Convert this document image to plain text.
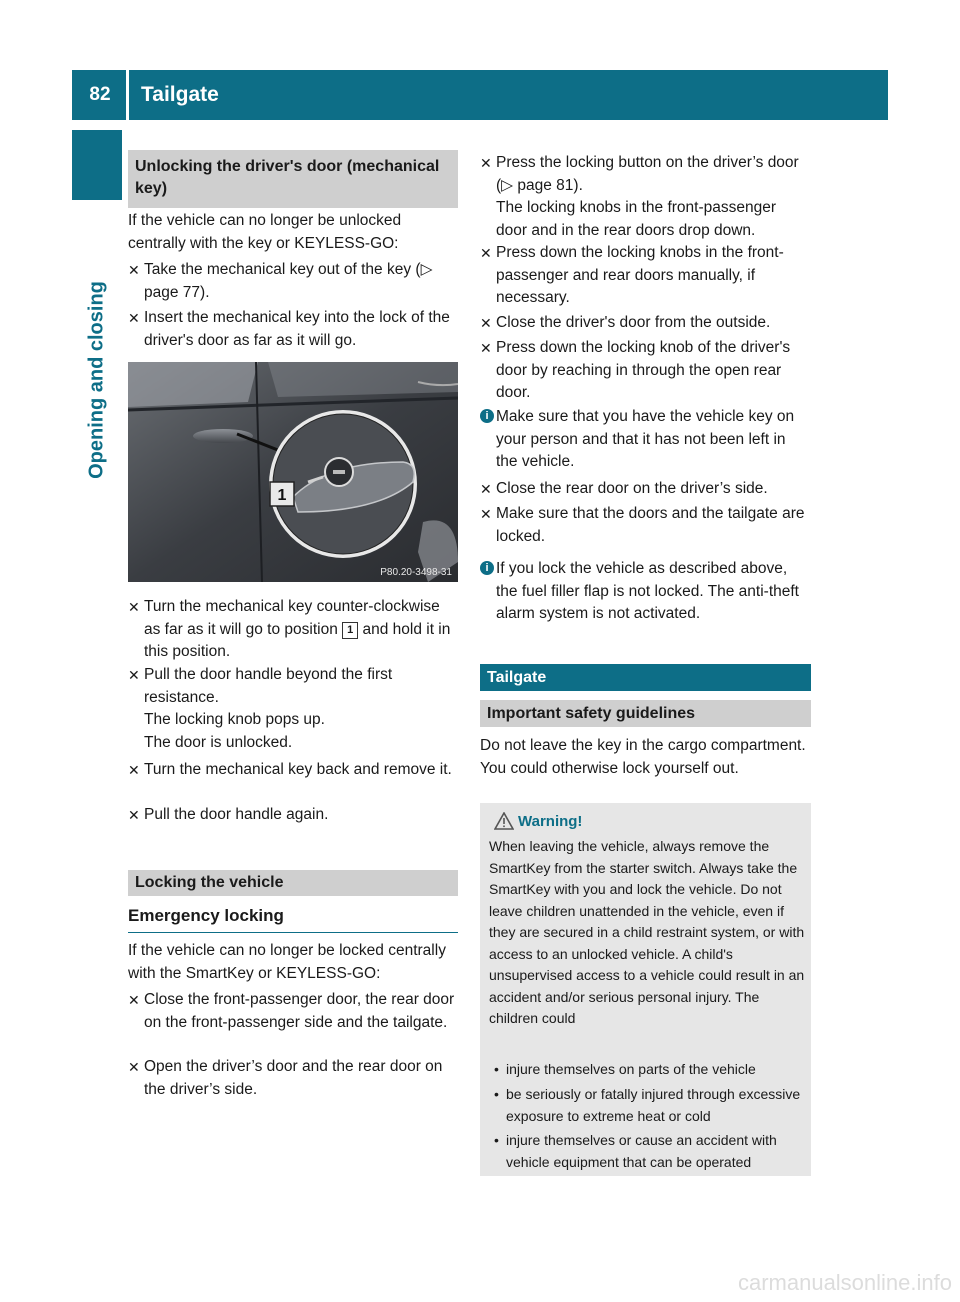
82	Tailgate
Opening and closing
Unlocking the driver's door (mechanical key)
If the vehicle can no longer be unlocked centrally with the key or KEYLESS-GO:
✕ Take the mechanical key out of the key (▷ page 77).
✕ Insert the mechanical key into the lock of the driver's door as far as it will go.
1
P80.20-3498-31
✕ Turn the mechanical key counter-clockwise as far as it will go to position 1 and hold it in this position.
✕ Pull the door handle beyond the first resistance.
The locking knob pops up.
The door is unlocked.
✕ Turn the mechanical key back and remove it.
✕ Pull the door handle again.
Locking the vehicle
Emergency locking
If the vehicle can no longer be locked centrally with the SmartKey or KEYLESS-GO:
✕ Close the front-passenger door, the rear door on the front-passenger side and the tailgate.
✕ Open the driver’s door and the rear door on the driver’s side.
✕ Press the locking button on the driver’s door (▷ page 81).
The locking knobs in the front-passenger door and in the rear doors drop down.
✕ Press down the locking knobs in the front-passenger and rear doors manually, if necessary.
✕ Close the driver's door from the outside.
✕ Press down the locking knob of the driver's door by reaching in through the open rear door.
i Make sure that you have the vehicle key on your person and that it has not been left in the vehicle.
✕ Close the rear door on the driver’s side.
✕ Make sure that the doors and the tailgate are locked.
i If you lock the vehicle as described above, the fuel filler flap is not locked. The anti-theft alarm system is not activated.
Tailgate
Important safety guidelines
Do not leave the key in the cargo compartment. You could otherwise lock yourself out.
Warning!
When leaving the vehicle, always remove the SmartKey from the starter switch. Always take the SmartKey with you and lock the vehicle. Do not leave children unattended in the vehicle, even if they are secured in a child restraint system, or with access to an unlocked vehicle. A child's unsupervised access to a vehicle could result in an accident and/or serious personal injury. The children could
• injure themselves on parts of the vehicle
• be seriously or fatally injured through excessive exposure to extreme heat or cold
• injure themselves or cause an accident with vehicle equipment that can be operated
carmanualsonline.info
